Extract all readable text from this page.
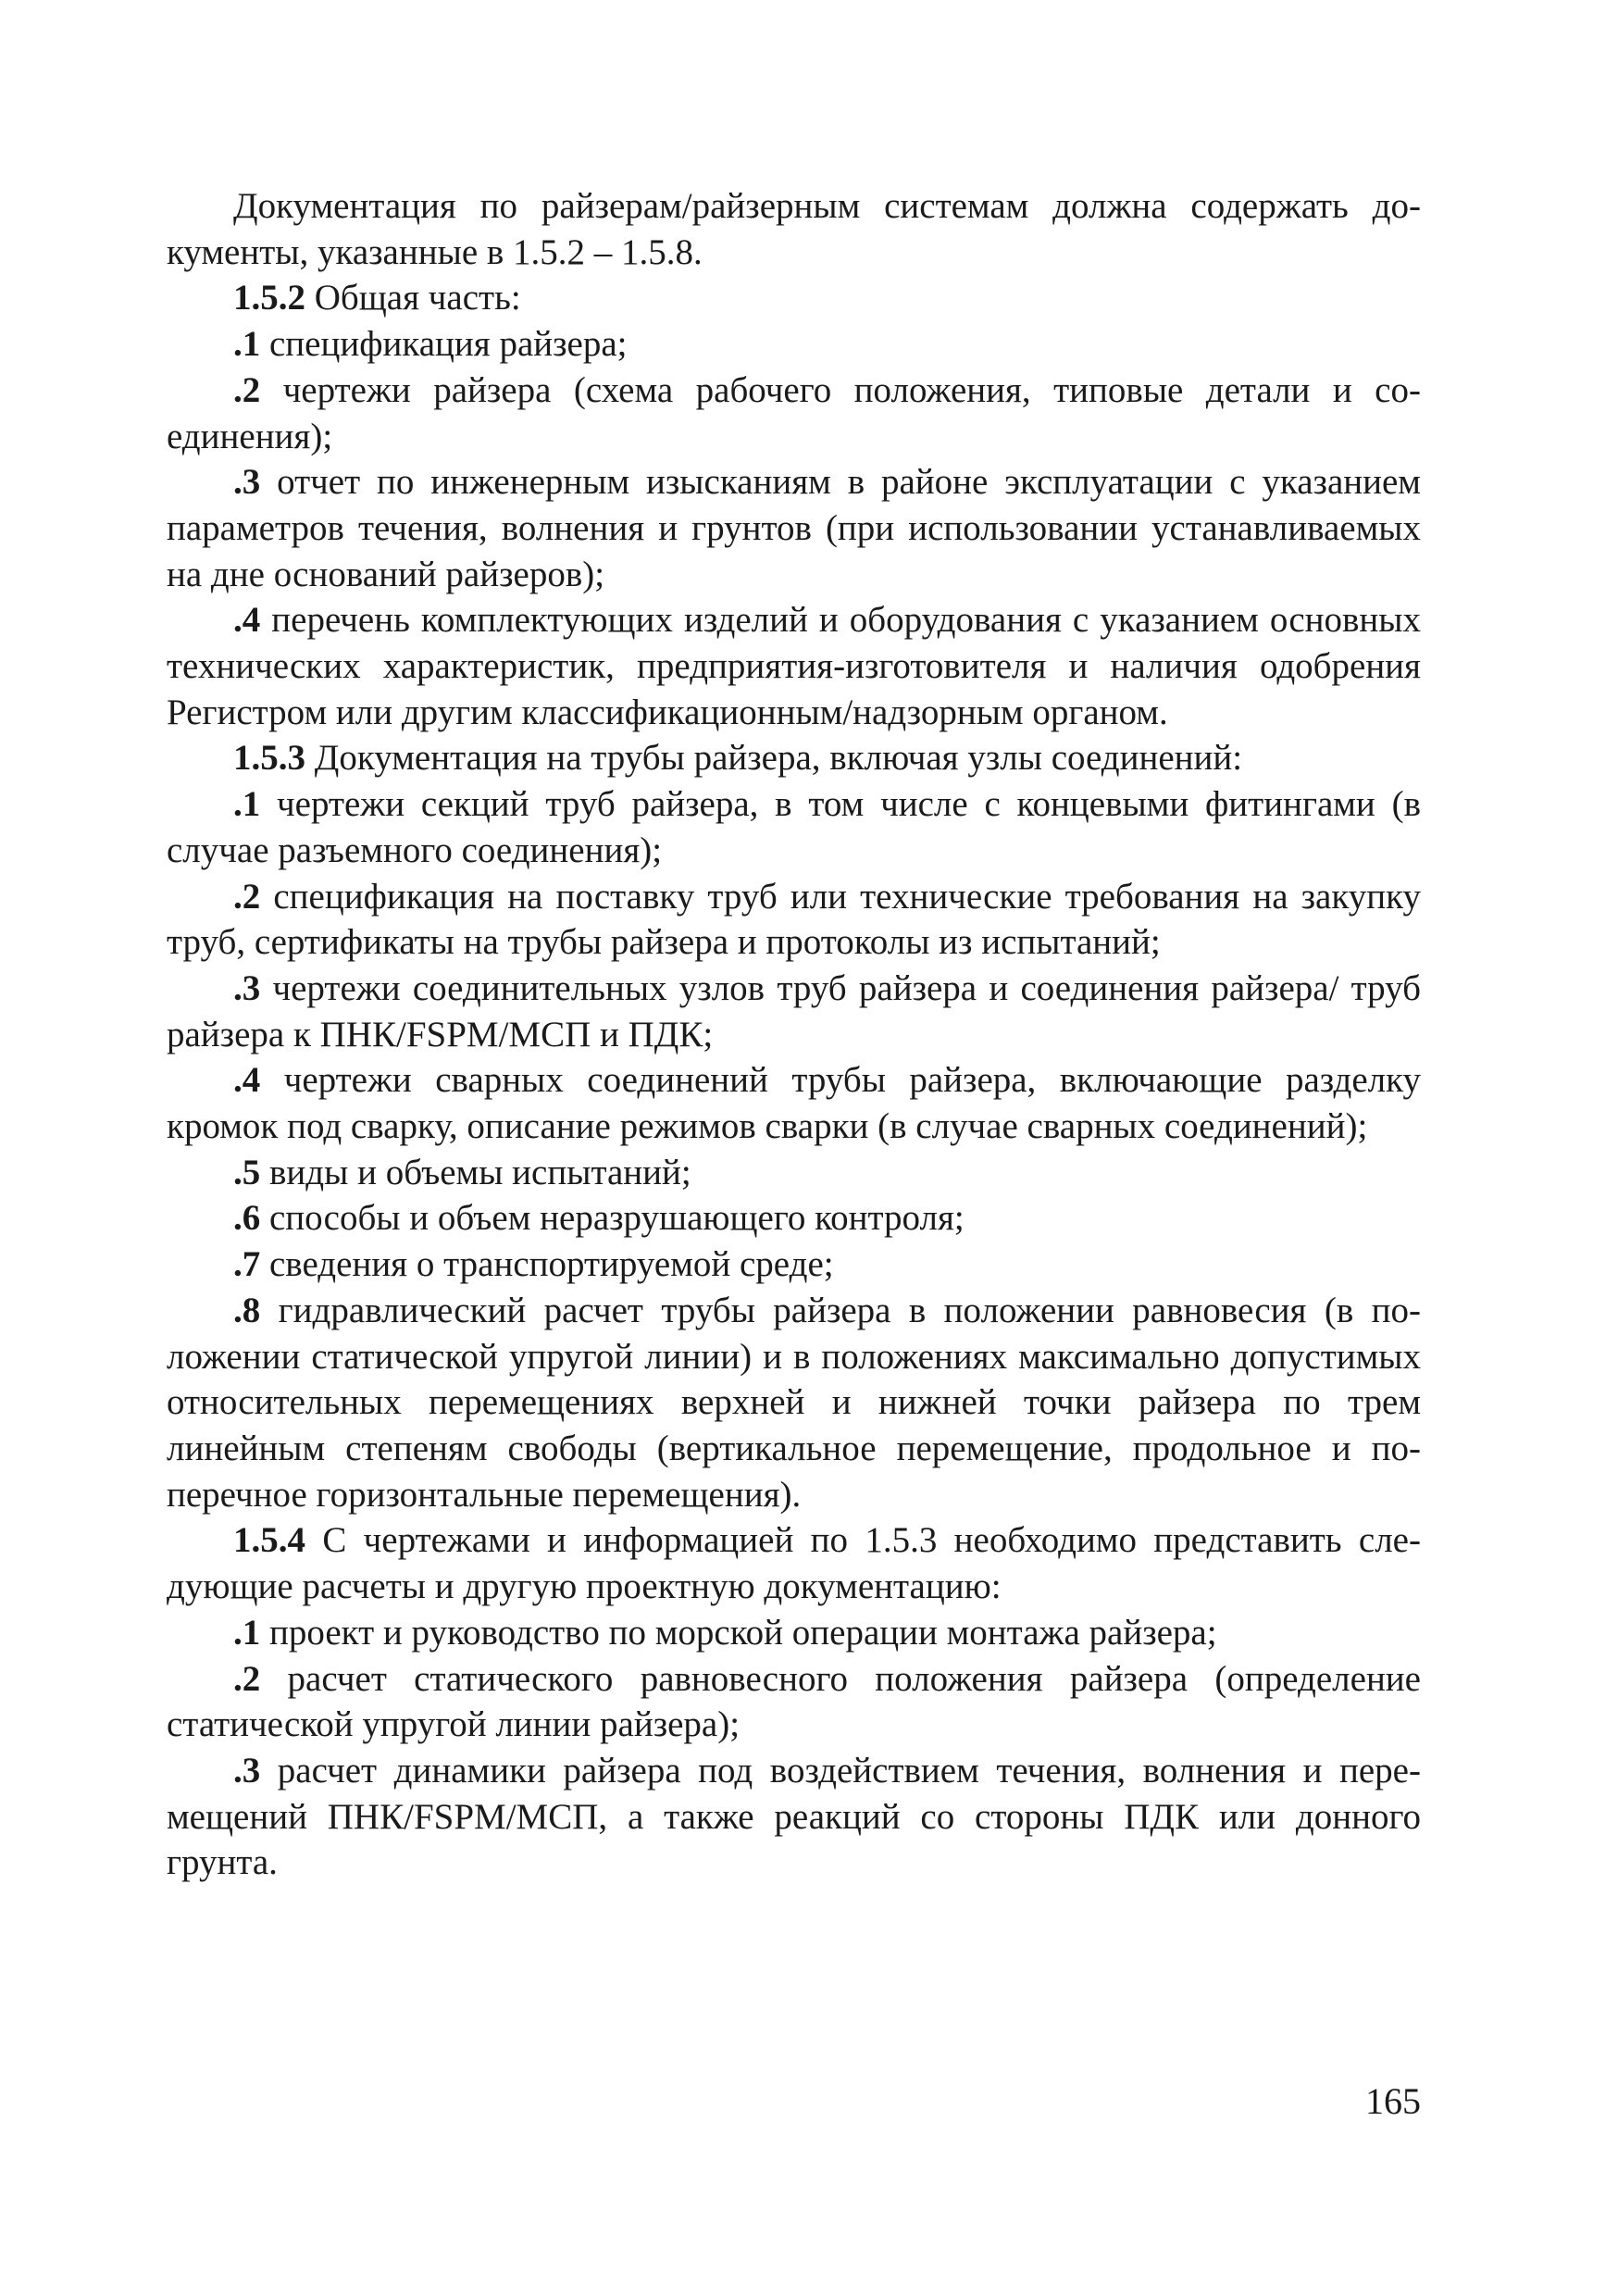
Документация по райзерам/райзерным системам должна содержать документы, указанные в 1.5.2 – 1.5.8.

1.5.2 Общая часть:

.1 спецификация райзера;

.2 чертежи райзера (схема рабочего положения, типовые детали и соединения);

.3 отчет по инженерным изысканиям в районе эксплуатации с указанием параметров течения, волнения и грунтов (при использовании устанавливаемых на дне оснований райзеров);

.4 перечень комплектующих изделий и оборудования с указанием основных технических характеристик, предприятия-изготовителя и наличия одобрения Регистром или другим классификационным/надзорным органом.

1.5.3 Документация на трубы райзера, включая узлы соединений:

.1 чертежи секций труб райзера, в том числе с концевыми фитингами (в случае разъемного соединения);

.2 спецификация на поставку труб или технические требования на закупку труб, сертификаты на трубы райзера и протоколы из испытаний;

.3 чертежи соединительных узлов труб райзера и соединения райзера/ труб райзера к ПНК/FSPM/МСП и ПДК;

.4 чертежи сварных соединений трубы райзера, включающие разделку кромок под сварку, описание режимов сварки (в случае сварных соединений);

.5 виды и объемы испытаний;

.6 способы и объем неразрушающего контроля;

.7 сведения о транспортируемой среде;

.8 гидравлический расчет трубы райзера в положении равновесия (в положении статической упругой линии) и в положениях максимально допустимых относительных перемещениях верхней и нижней точки райзера по трем линейным степеням свободы (вертикальное перемещение, продольное и поперечное горизонтальные перемещения).

1.5.4 С чертежами и информацией по 1.5.3 необходимо представить следующие расчеты и другую проектную документацию:

.1 проект и руководство по морской операции монтажа райзера;

.2 расчет статического равновесного положения райзера (определение статической упругой линии райзера);

.3 расчет динамики райзера под воздействием течения, волнения и перемещений ПНК/FSPM/МСП, а также реакций со стороны ПДК или донного грунта.

165
